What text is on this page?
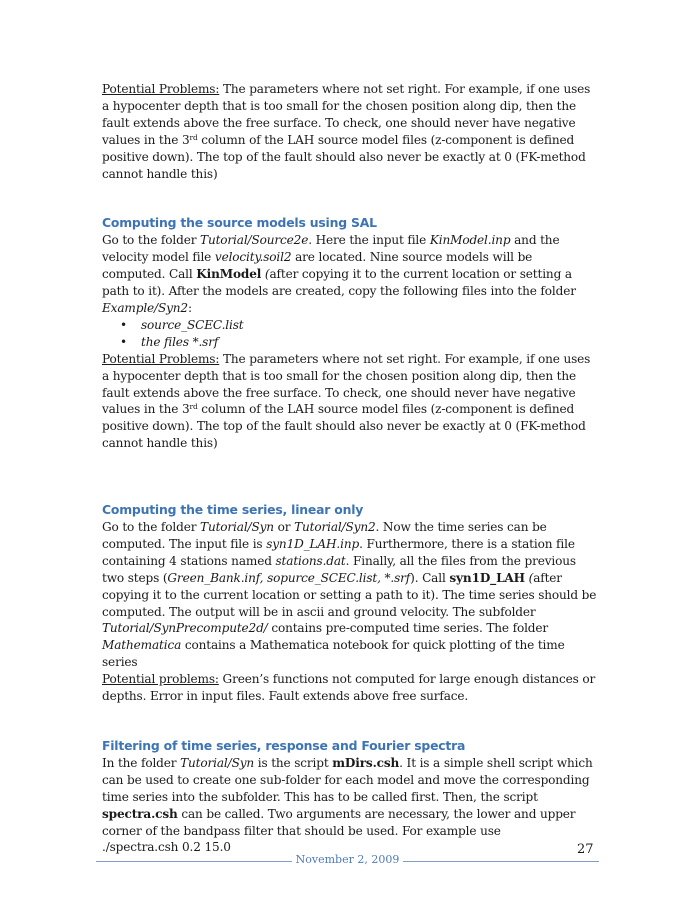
Potential Problems: The parameters where not set right. For example, if one uses a hypocenter depth that is too small for the chosen position along dip, then the fault extends above the free surface. To check, one should never have negative values in the 3rd column of the LAH source model files (z-component is defined positive down). The top of the fault should also never be exactly at 0 (FK-method cannot handle this)

Computing the source models using SAL

Go to the folder Tutorial/Source2e. Here the input file KinModel.inp and the velocity model file velocity.soil2 are located. Nine source models will be computed. Call KinModel (after copying it to the current location or setting a path to it). After the models are created, copy the following files into the folder Example/Syn2:

• source_SCEC.list
• the files *.srf

Potential Problems: The parameters where not set right. For example, if one uses a hypocenter depth that is too small for the chosen position along dip, then the fault extends above the free surface. To check, one should never have negative values in the 3rd column of the LAH source model files (z-component is defined positive down). The top of the fault should also never be exactly at 0 (FK-method cannot handle this)

Computing the time series, linear only

Go to the folder Tutorial/Syn or Tutorial/Syn2. Now the time series can be computed. The input file is syn1D_LAH.inp. Furthermore, there is a station file containing 4 stations named stations.dat. Finally, all the files from the previous two steps (Green_Bank.inf, sopurce_SCEC.list, *.srf). Call syn1D_LAH (after copying it to the current location or setting a path to it). The time series should be computed. The output will be in ascii and ground velocity. The subfolder Tutorial/SynPrecompute2d/ contains pre-computed time series. The folder Mathematica contains a Mathematica notebook for quick plotting of the time series
Potential problems: Green’s functions not computed for large enough distances or depths. Error in input files. Fault extends above free surface.

Filtering of time series, response and Fourier spectra

In the folder Tutorial/Syn is the script mDirs.csh. It is a simple shell script which can be used to create one sub-folder for each model and move the corresponding time series into the subfolder. This has to be called first. Then, the script spectra.csh can be called. Two arguments are necessary, the lower and upper corner of the bandpass filter that should be used. For example use
./spectra.csh 0.2 15.0	27
November 2, 2009
